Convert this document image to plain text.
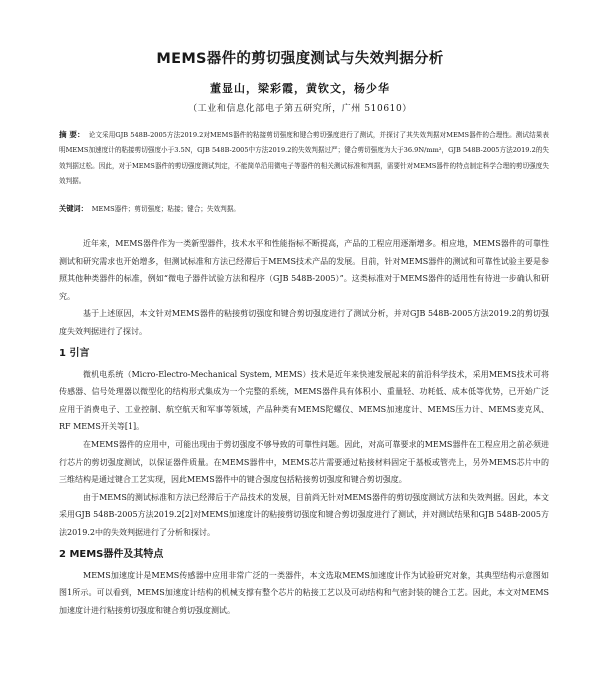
MEMS器件的剪切强度测试与失效判据分析
董显山，梁彩霞，黄钦文，杨少华
（工业和信息化部电子第五研究所，广州 510610）
摘 要： 论文采用GJB 548B-2005方法2019.2对MEMS器件的粘接剪切强度和键合剪切强度进行了测试，并探讨了其失效判据对MEMS器件的合理性。测试结果表明MEMS加速度计的粘接剪切强度小于3.5N，GJB 548B-2005中方法2019.2的失效判据过严；键合剪切强度为大于36.9N/mm²，GJB 548B-2005方法2019.2的失效判据过松。因此，对于MEMS器件的剪切强度测试判定，不能简单沿用微电子等器件的相关测试标准和判据，需要针对MEMS器件的特点制定科学合理的剪切强度失效判据。
关键词： MEMS器件；剪切强度；粘接；键合；失效判据。

近年来，MEMS器件作为一类新型器件，技术水平和性能指标不断提高，产品的工程应用逐渐增多。相应地，MEMS器件的可靠性测试和研究需求也开始增多，但测试标准和方法已经滞后于MEMS技术产品的发展。目前，针对MEMS器件的测试和可靠性试验主要是参照其他种类器件的标准，例如“微电子器件试验方法和程序（GJB 548B-2005）”。这类标准对于MEMS器件的适用性有待进一步确认和研究。

基于上述原因，本文针对MEMS器件的粘接剪切强度和键合剪切强度进行了测试分析，并对GJB 548B-2005方法2019.2的剪切强度失效判据进行了探讨。

1 引言

微机电系统（Micro-Electro-Mechanical System, MEMS）技术是近年来快速发展起来的前沿科学技术，采用MEMS技术可将传感器、信号处理器以微型化的结构形式集成为一个完整的系统，MEMS器件具有体积小、重量轻、功耗低、成本低等优势，已开始广泛应用于消费电子、工业控制、航空航天和军事等领域，产品种类有MEMS陀螺仪、MEMS加速度计、MEMS压力计、MEMS麦克风、RF MEMS开关等[1]。

在MEMS器件的应用中，可能出现由于剪切强度不够导致的可靠性问题。因此，对高可靠要求的MEMS器件在工程应用之前必须进行芯片的剪切强度测试，以保证器件质量。在MEMS器件中，MEMS芯片需要通过粘接材料固定于基板或管壳上，另外MEMS芯片中的三维结构是通过键合工艺实现，因此MEMS器件中的键合强度包括粘接剪切强度和键合剪切强度。

由于MEMS的测试标准和方法已经滞后于产品技术的发展，目前尚无针对MEMS器件的剪切强度测试方法和失效判据。因此，本文采用GJB 548B-2005方法2019.2[2]对MEMS加速度计的粘接剪切强度和键合剪切强度进行了测试，并对测试结果和GJB 548B-2005方法2019.2中的失效判据进行了分析和探讨。

2 MEMS器件及其特点

MEMS加速度计是MEMS传感器中应用非常广泛的一类器件，本文选取MEMS加速度计作为试验研究对象，其典型结构示意图如图1所示。可以看到，MEMS加速度计结构的机械支撑有整个芯片的粘接工艺以及可动结构和气密封装的键合工艺。因此，本文对MEMS加速度计进行粘接剪切强度和键合剪切强度测试。
